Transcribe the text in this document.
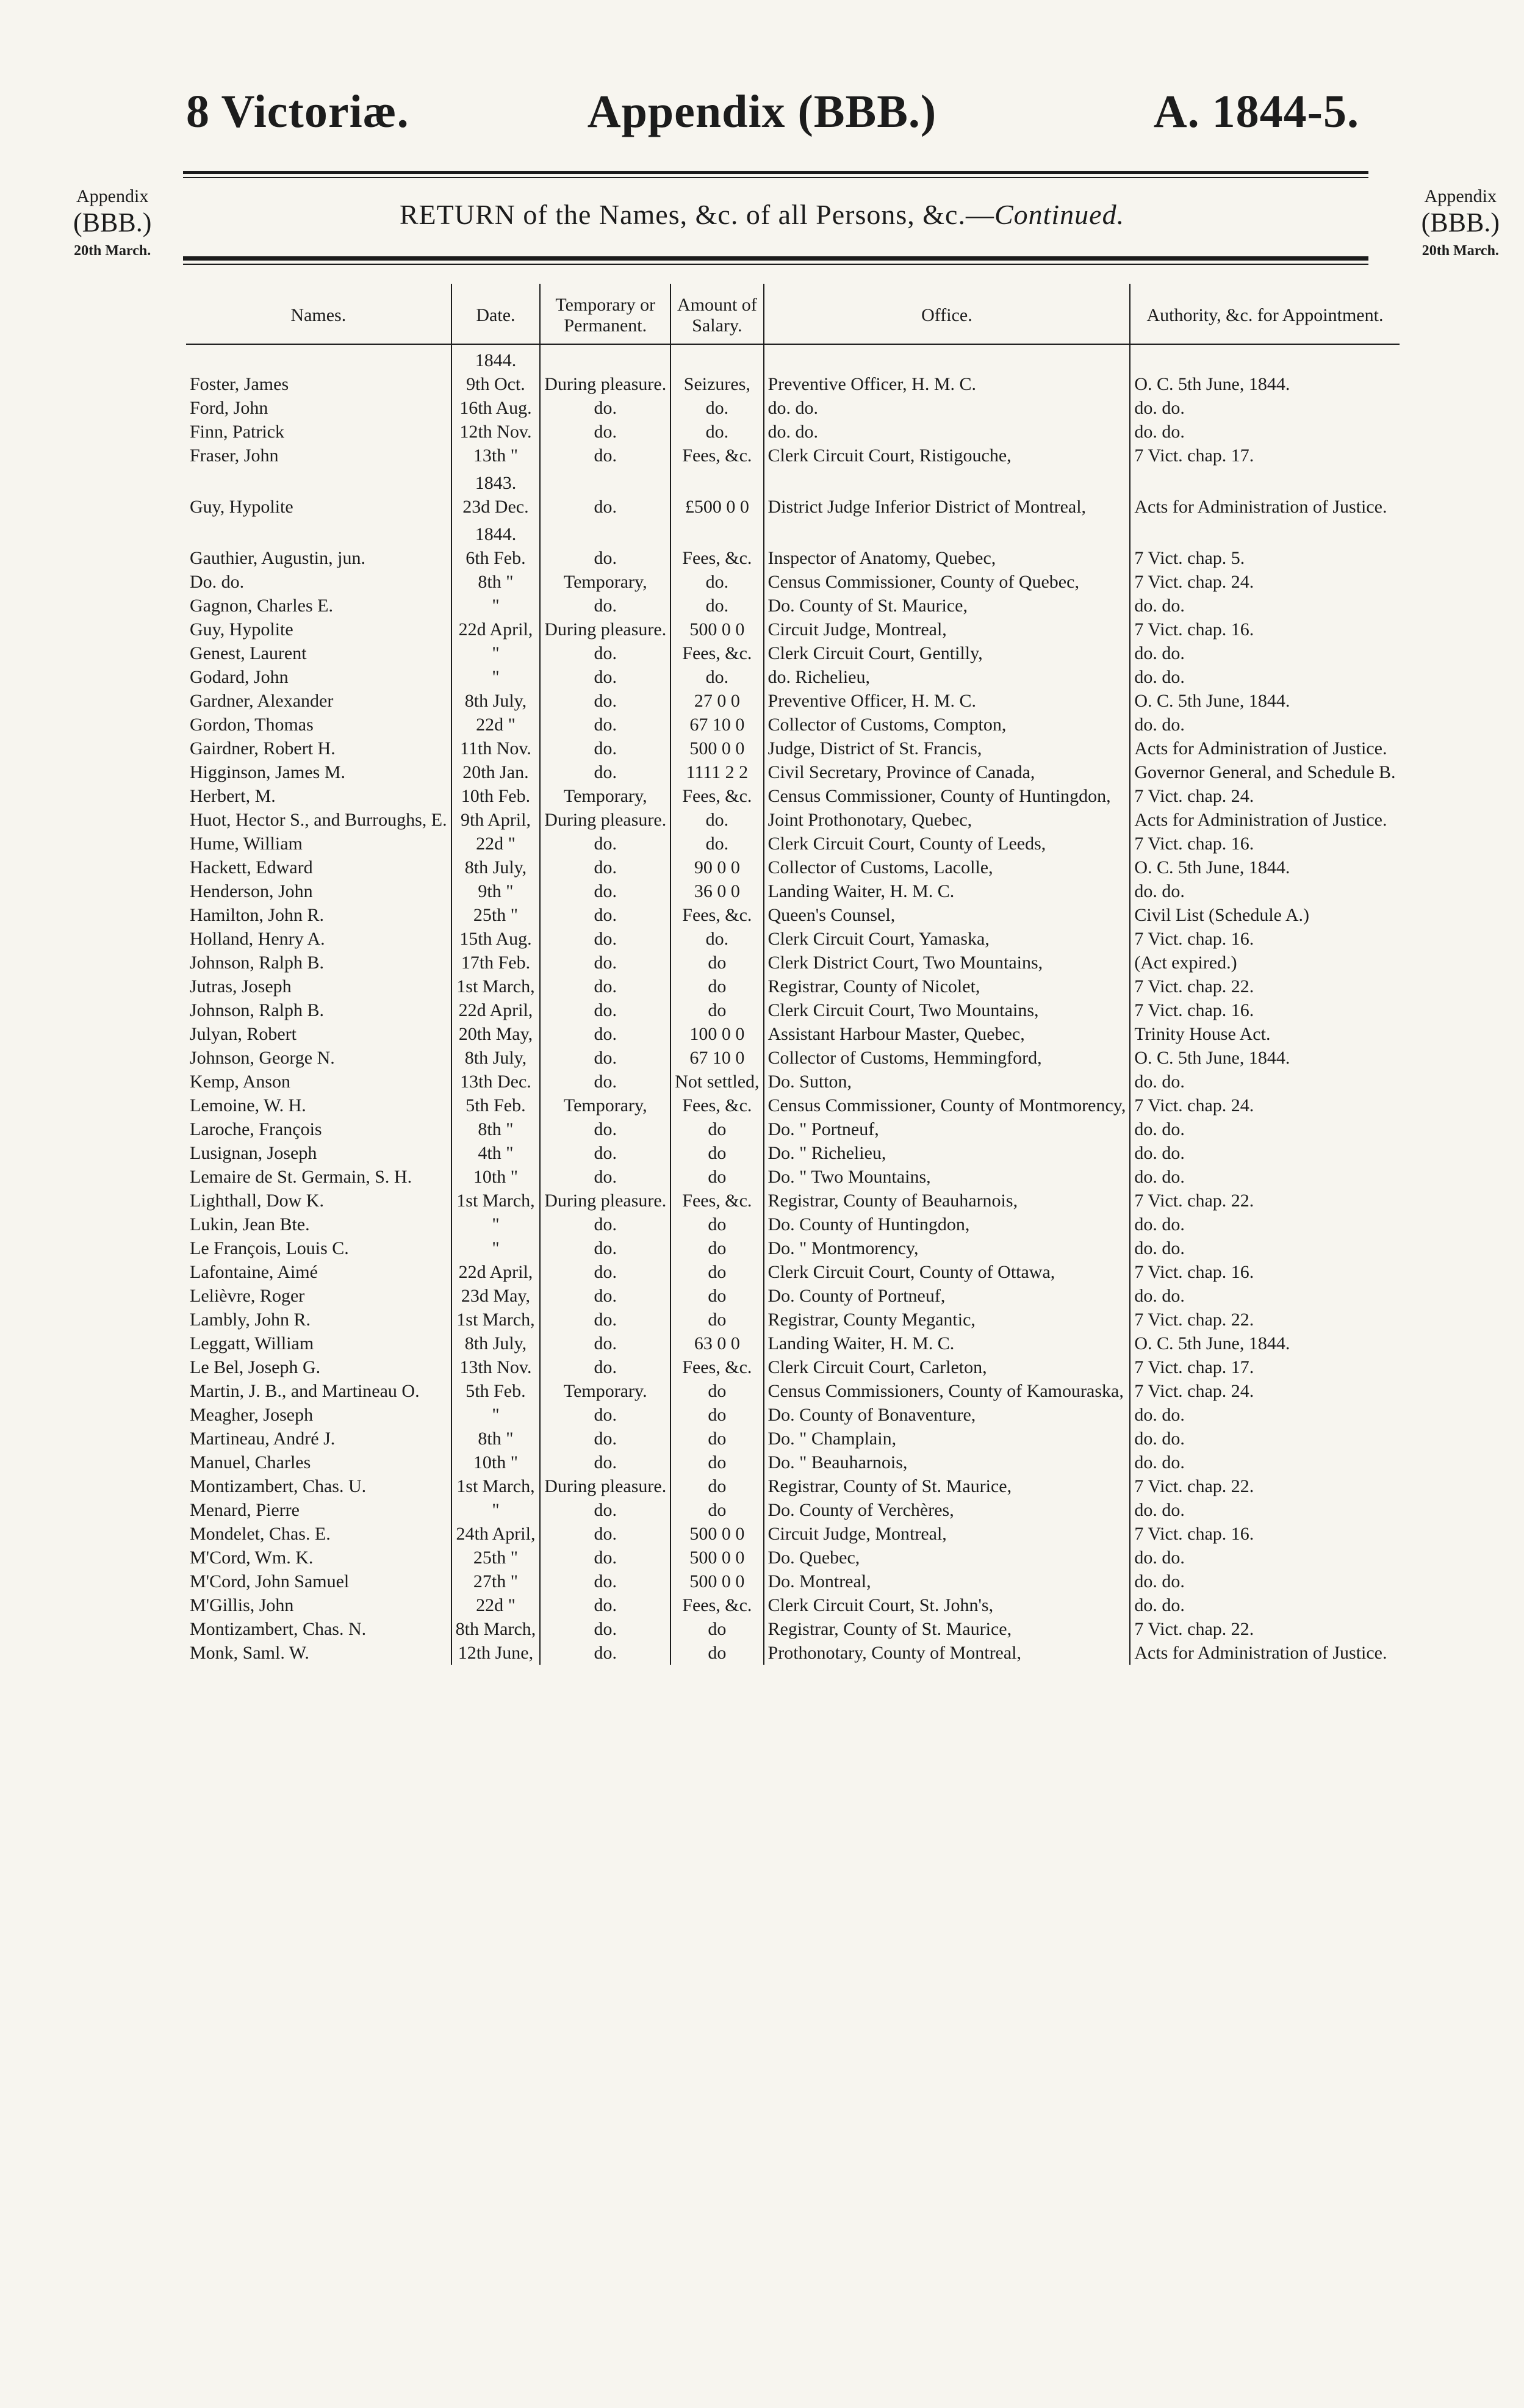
8 Victoriæ.	Appendix (BBB.)	A. 1844-5.
Appendix
(BBB.)
20th March.
Appendix
(BBB.)
20th March.
RETURN of the Names, &c. of all Persons, &c.—Continued.
Names.	Date.	Temporary or Permanent.	Amount of Salary.	Office.	Authority, &c. for Appointment.
	1844.				
Foster, James	9th Oct.	During pleasure.	Seizures,	Preventive Officer, H. M. C.	O. C. 5th June, 1844.
Ford, John	16th Aug.	do.	do.	do. do.	do. do.
Finn, Patrick	12th Nov.	do.	do.	do. do.	do. do.
Fraser, John	13th "	do.	Fees, &c.	Clerk Circuit Court, Ristigouche,	7 Vict. chap. 17.
	1843.				
Guy, Hypolite	23d Dec.	do.	£500 0 0	District Judge Inferior District of Montreal,	Acts for Administration of Justice.
	1844.				
Gauthier, Augustin, jun.	6th Feb.	do.	Fees, &c.	Inspector of Anatomy, Quebec,	7 Vict. chap. 5.
Do. do.	8th "	Temporary,	do.	Census Commissioner, County of Quebec,	7 Vict. chap. 24.
Gagnon, Charles E.	"	do.	do.	Do. County of St. Maurice,	do. do.
Guy, Hypolite	22d April,	During pleasure.	500 0 0	Circuit Judge, Montreal,	7 Vict. chap. 16.
Genest, Laurent	"	do.	Fees, &c.	Clerk Circuit Court, Gentilly,	do. do.
Godard, John	"	do.	do.	do. Richelieu,	do. do.
Gardner, Alexander	8th July,	do.	27 0 0	Preventive Officer, H. M. C.	O. C. 5th June, 1844.
Gordon, Thomas	22d "	do.	67 10 0	Collector of Customs, Compton,	do. do.
Gairdner, Robert H.	11th Nov.	do.	500 0 0	Judge, District of St. Francis,	Acts for Administration of Justice.
Higginson, James M.	20th Jan.	do.	1111 2 2	Civil Secretary, Province of Canada,	Governor General, and Schedule B.
Herbert, M.	10th Feb.	Temporary,	Fees, &c.	Census Commissioner, County of Huntingdon,	7 Vict. chap. 24.
Huot, Hector S., and Burroughs, E.	9th April,	During pleasure.	do.	Joint Prothonotary, Quebec,	Acts for Administration of Justice.
Hume, William	22d "	do.	do.	Clerk Circuit Court, County of Leeds,	7 Vict. chap. 16.
Hackett, Edward	8th July,	do.	90 0 0	Collector of Customs, Lacolle,	O. C. 5th June, 1844.
Henderson, John	9th "	do.	36 0 0	Landing Waiter, H. M. C.	do. do.
Hamilton, John R.	25th "	do.	Fees, &c.	Queen's Counsel,	Civil List (Schedule A.)
Holland, Henry A.	15th Aug.	do.	do.	Clerk Circuit Court, Yamaska,	7 Vict. chap. 16.
Johnson, Ralph B.	17th Feb.	do.	do	Clerk District Court, Two Mountains,	(Act expired.)
Jutras, Joseph	1st March,	do.	do	Registrar, County of Nicolet,	7 Vict. chap. 22.
Johnson, Ralph B.	22d April,	do.	do	Clerk Circuit Court, Two Mountains,	7 Vict. chap. 16.
Julyan, Robert	20th May,	do.	100 0 0	Assistant Harbour Master, Quebec,	Trinity House Act.
Johnson, George N.	8th July,	do.	67 10 0	Collector of Customs, Hemmingford,	O. C. 5th June, 1844.
Kemp, Anson	13th Dec.	do.	Not settled,	Do. Sutton,	do. do.
Lemoine, W. H.	5th Feb.	Temporary,	Fees, &c.	Census Commissioner, County of Montmorency,	7 Vict. chap. 24.
Laroche, François	8th "	do.	do	Do. " Portneuf,	do. do.
Lusignan, Joseph	4th "	do.	do	Do. " Richelieu,	do. do.
Lemaire de St. Germain, S. H.	10th "	do.	do	Do. " Two Mountains,	do. do.
Lighthall, Dow K.	1st March,	During pleasure.	Fees, &c.	Registrar, County of Beauharnois,	7 Vict. chap. 22.
Lukin, Jean Bte.	"	do.	do	Do. County of Huntingdon,	do. do.
Le François, Louis C.	"	do.	do	Do. " Montmorency,	do. do.
Lafontaine, Aimé	22d April,	do.	do	Clerk Circuit Court, County of Ottawa,	7 Vict. chap. 16.
Lelièvre, Roger	23d May,	do.	do	Do. County of Portneuf,	do. do.
Lambly, John R.	1st March,	do.	do	Registrar, County Megantic,	7 Vict. chap. 22.
Leggatt, William	8th July,	do.	63 0 0	Landing Waiter, H. M. C.	O. C. 5th June, 1844.
Le Bel, Joseph G.	13th Nov.	do.	Fees, &c.	Clerk Circuit Court, Carleton,	7 Vict. chap. 17.
Martin, J. B., and Martineau O.	5th Feb.	Temporary.	do	Census Commissioners, County of Kamouraska,	7 Vict. chap. 24.
Meagher, Joseph	"	do.	do	Do. County of Bonaventure,	do. do.
Martineau, André J.	8th "	do.	do	Do. " Champlain,	do. do.
Manuel, Charles	10th "	do.	do	Do. " Beauharnois,	do. do.
Montizambert, Chas. U.	1st March,	During pleasure.	do	Registrar, County of St. Maurice,	7 Vict. chap. 22.
Menard, Pierre	"	do.	do	Do. County of Verchères,	do. do.
Mondelet, Chas. E.	24th April,	do.	500 0 0	Circuit Judge, Montreal,	7 Vict. chap. 16.
M'Cord, Wm. K.	25th "	do.	500 0 0	Do. Quebec,	do. do.
M'Cord, John Samuel	27th "	do.	500 0 0	Do. Montreal,	do. do.
M'Gillis, John	22d "	do.	Fees, &c.	Clerk Circuit Court, St. John's,	do. do.
Montizambert, Chas. N.	8th March,	do.	do	Registrar, County of St. Maurice,	7 Vict. chap. 22.
Monk, Saml. W.	12th June,	do.	do	Prothonotary, County of Montreal,	Acts for Administration of Justice.
